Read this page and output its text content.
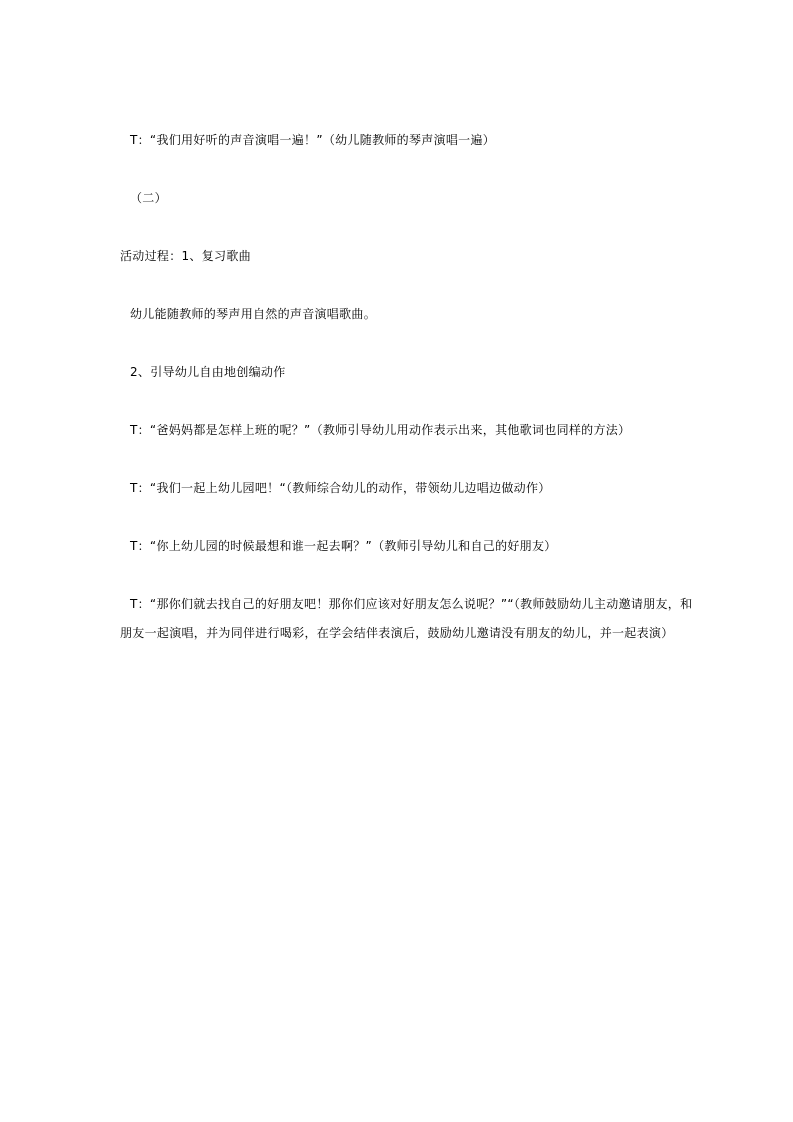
T：“我们用好听的声音演唱一遍！”（幼儿随教师的琴声演唱一遍）
（二）
活动过程：1、复习歌曲
幼儿能随教师的琴声用自然的声音演唱歌曲。
2、引导幼儿自由地创编动作
T：“爸妈妈都是怎样上班的呢？”（教师引导幼儿用动作表示出来，其他歌词也同样的方法）
T：“我们一起上幼儿园吧！“（教师综合幼儿的动作，带领幼儿边唱边做动作）
T：“你上幼儿园的时候最想和谁一起去啊？”（教师引导幼儿和自己的好朋友）
T：“那你们就去找自己的好朋友吧！那你们应该对好朋友怎么说呢？”“（教师鼓励幼儿主动邀请朋友，和朋友一起演唱，并为同伴进行喝彩，在学会结伴表演后，鼓励幼儿邀请没有朋友的幼儿，并一起表演）
